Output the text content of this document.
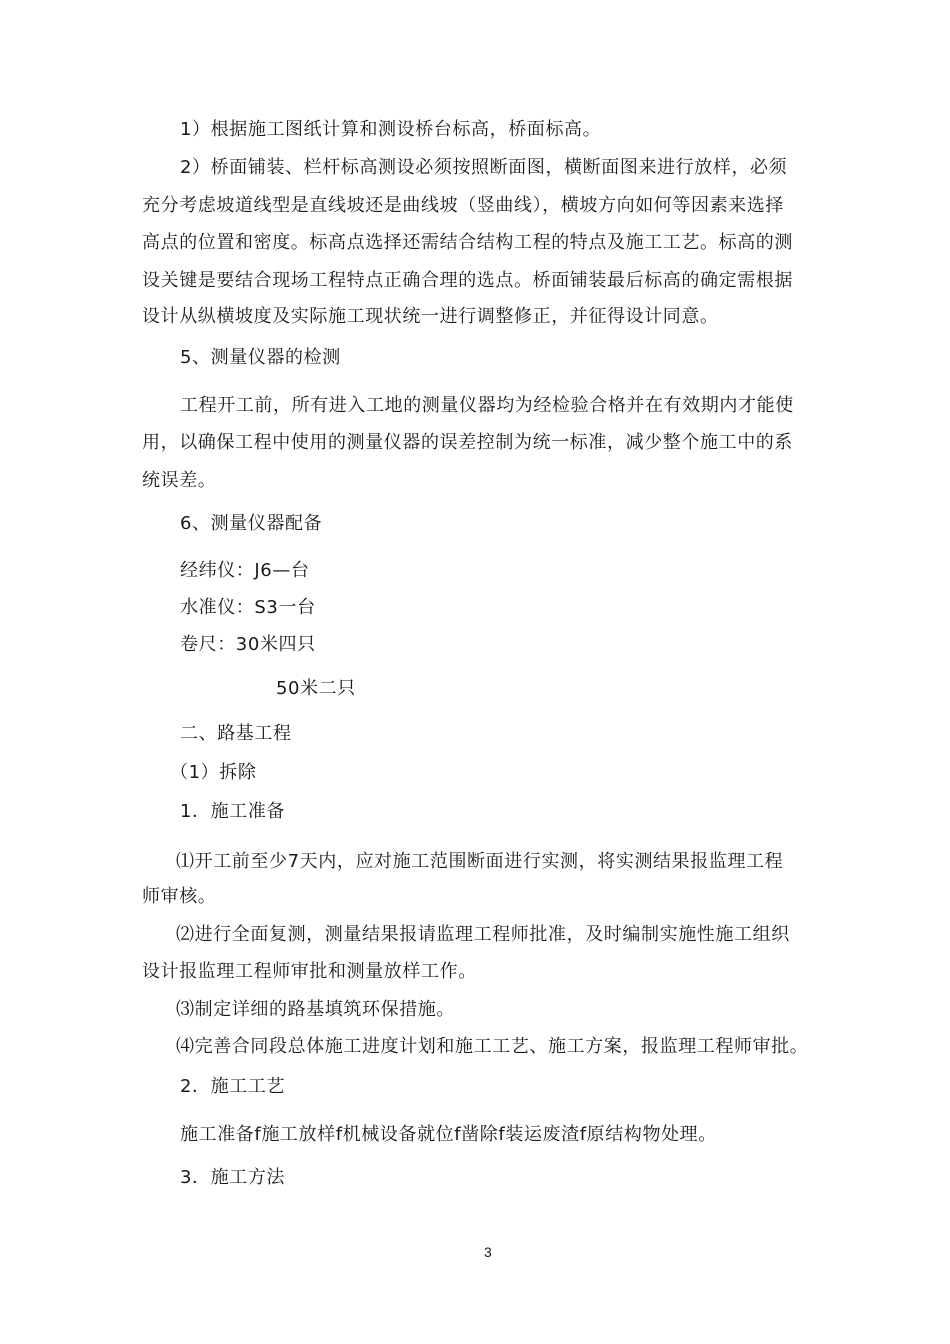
1）根据施工图纸计算和测设桥台标高，桥面标高。
2）桥面铺装、栏杆标高测设必须按照断面图，横断面图来进行放样，必须
充分考虑坡道线型是直线坡还是曲线坡（竖曲线），横坡方向如何等因素来选择
高点的位置和密度。标高点选择还需结合结构工程的特点及施工工艺。标高的测
设关键是要结合现场工程特点正确合理的选点。桥面铺装最后标高的确定需根据
设计从纵横坡度及实际施工现状统一进行调整修正，并征得设计同意。
5、测量仪器的检测
工程开工前，所有进入工地的测量仪器均为经检验合格并在有效期内才能使
用，以确保工程中使用的测量仪器的误差控制为统一标准，减少整个施工中的系
统误差。
6、测量仪器配备
经纬仪：J6—台
水准仪：S3一台
卷尺：30米四只
50米二只
二、路基工程
（1）拆除
1．施工准备
⑴开工前至少7天内，应对施工范围断面进行实测，将实测结果报监理工程
师审核。
⑵进行全面复测，测量结果报请监理工程师批准，及时编制实施性施工组织
设计报监理工程师审批和测量放样工作。
⑶制定详细的路基填筑环保措施。
⑷完善合同段总体施工进度计划和施工工艺、施工方案，报监理工程师审批。
2．施工工艺
施工准备f施工放样f机械设备就位f凿除f装运废渣f原结构物处理。
3．施工方法
3
